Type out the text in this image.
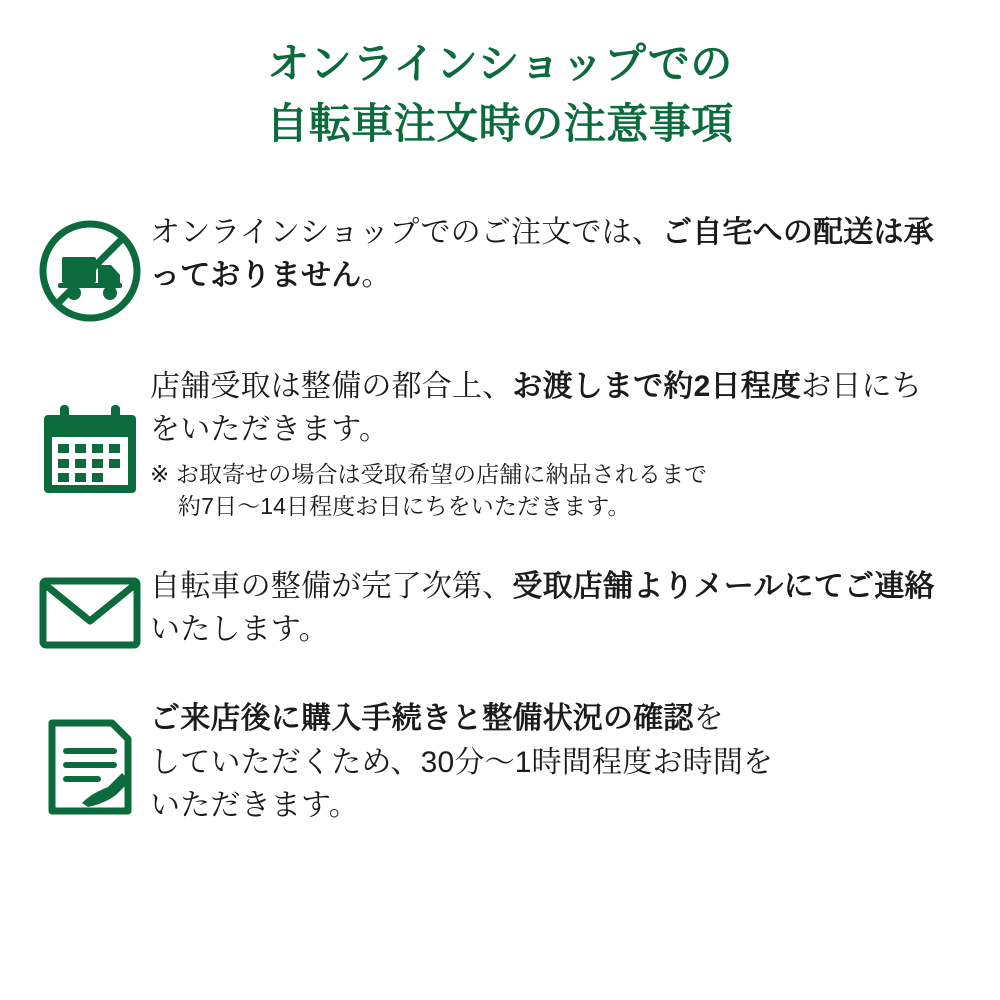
オンラインショップでの
自転車注文時の注意事項
オンラインショップでのご注文では、ご自宅への配送は承っておりません。
店舗受取は整備の都合上、お渡しまで約2日程度お日にちをいただきます。
※ お取寄せの場合は受取希望の店舗に納品されるまで
約7日〜14日程度お日にちをいただきます。
自転車の整備が完了次第、受取店舗よりメールにてご連絡いたします。
ご来店後に購入手続きと整備状況の確認を
していただくため、30分〜1時間程度お時間を
いただきます。
